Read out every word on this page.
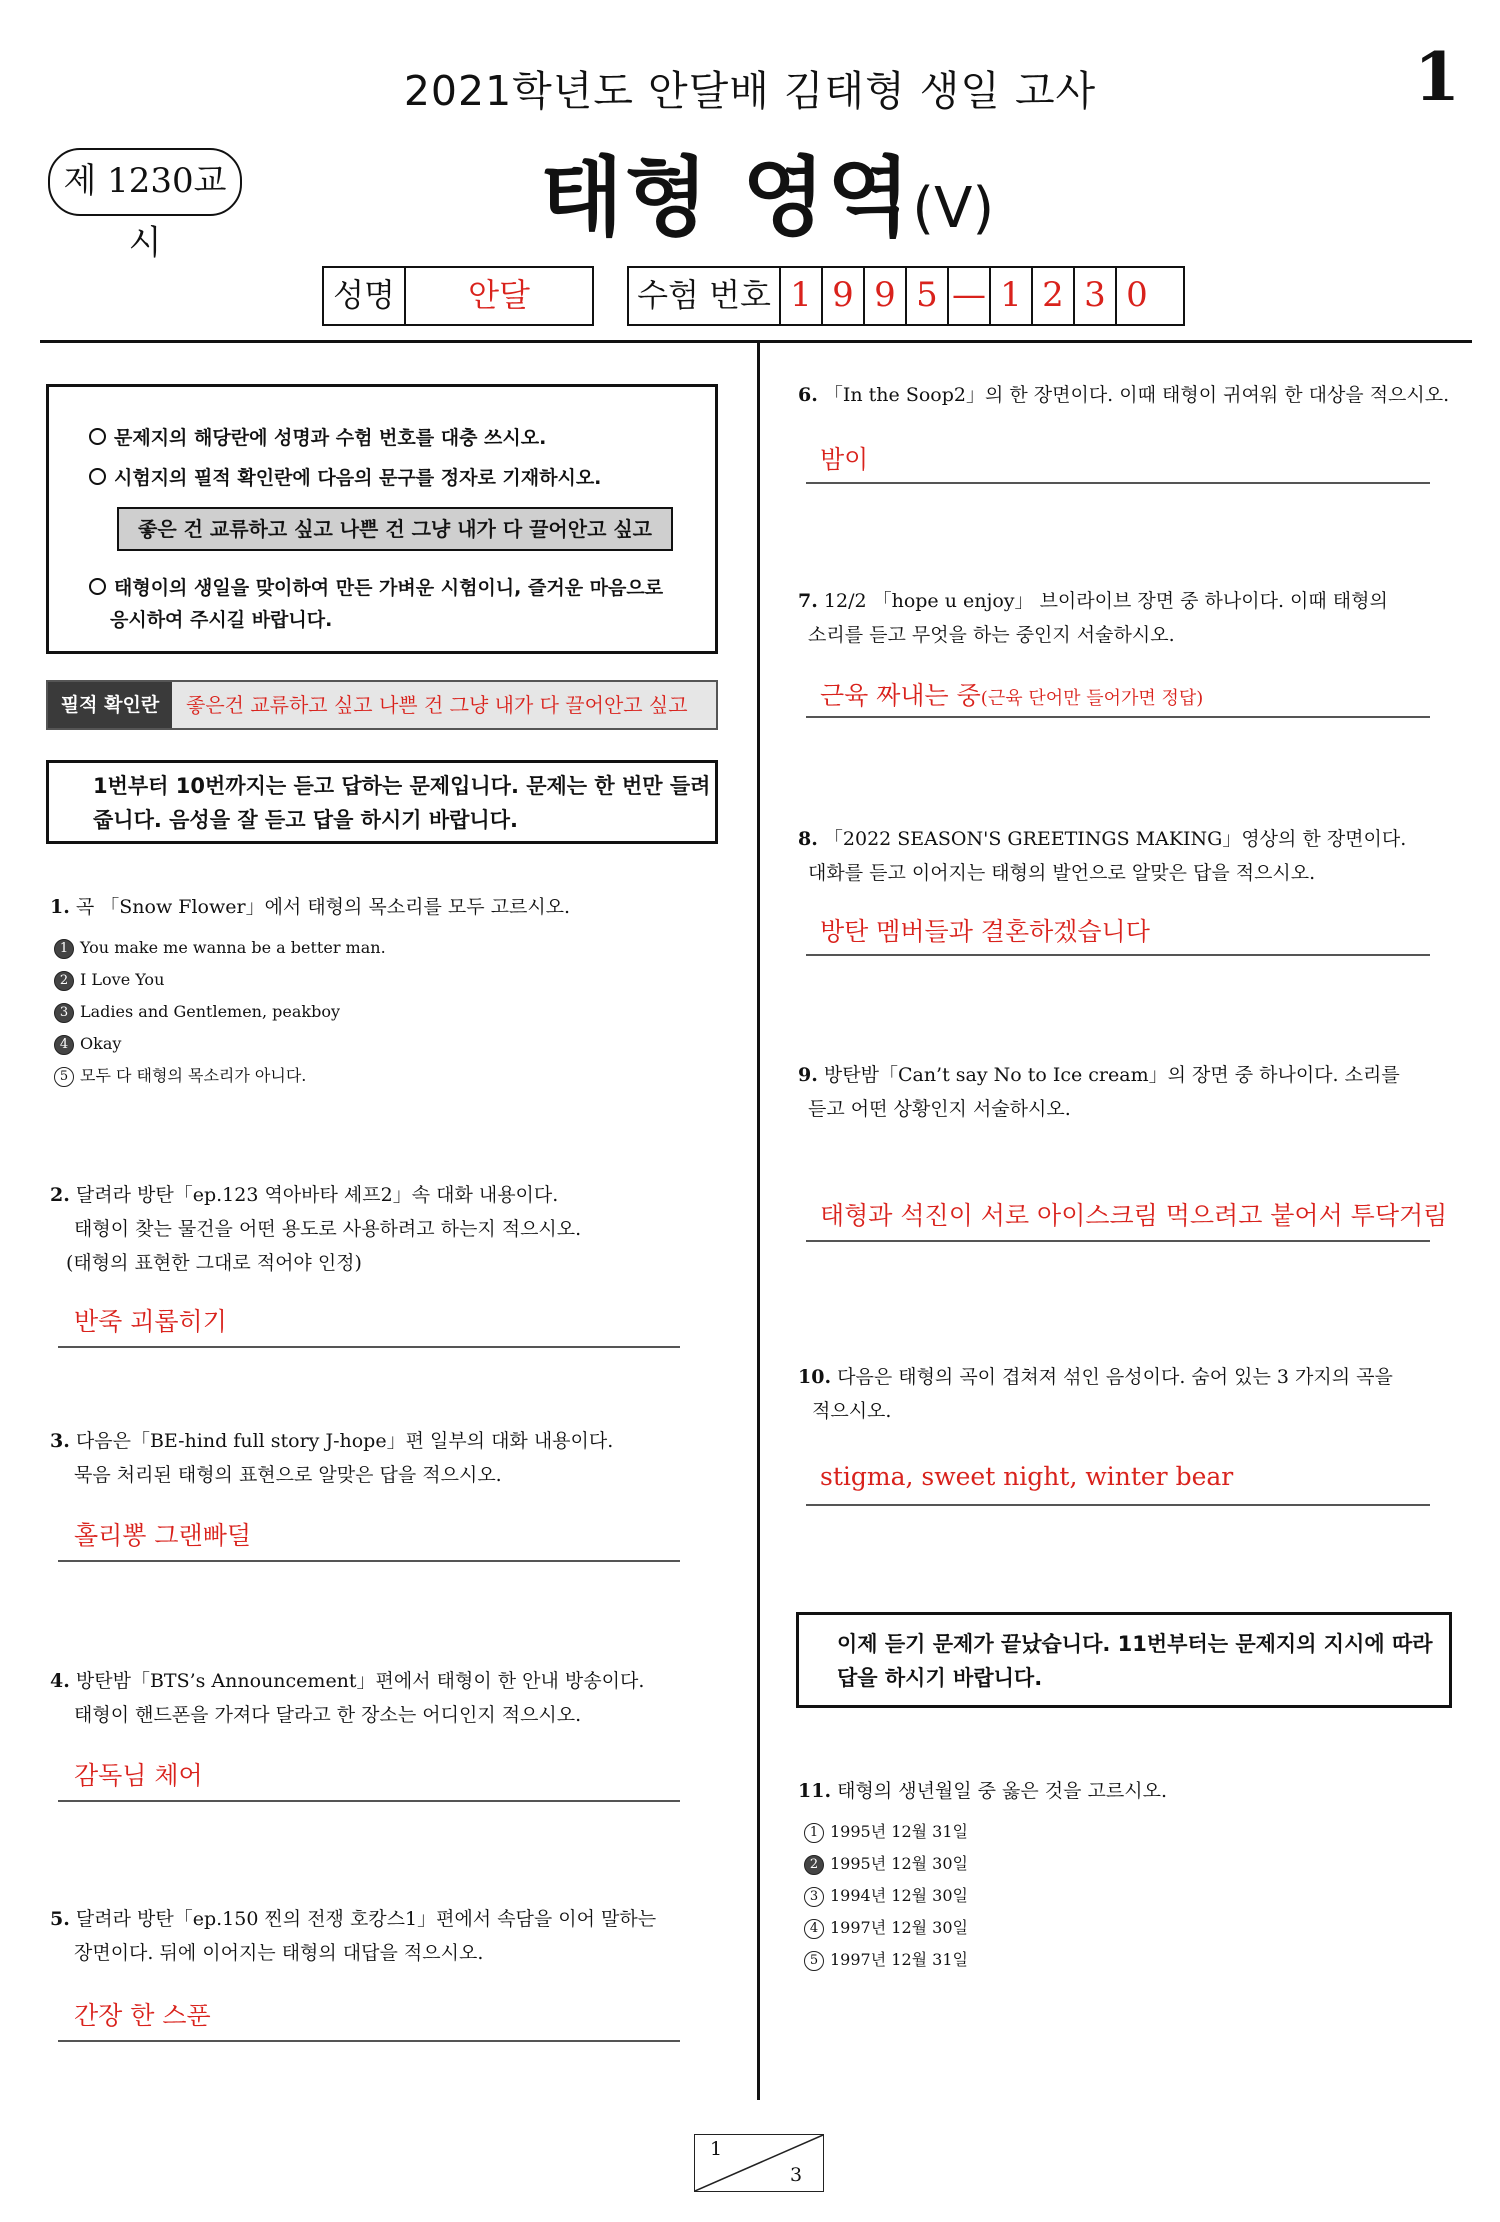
2021학년도 안달배 김태형 생일 고사	1
제 1230교시	태형 영역(V)
성명	안달	수험 번호 1 9 9 5 — 1 2 3 0
문제지의 해당란에 성명과 수험 번호를 대충 쓰시오.
시험지의 필적 확인란에 다음의 문구를 정자로 기재하시오.
좋은 건 교류하고 싶고 나쁜 건 그냥 내가 다 끌어안고 싶고
태형이의 생일을 맞이하여 만든 가벼운 시험이니, 즐거운 마음으로
응시하여 주시길 바랍니다.
필적 확인란	좋은건 교류하고 싶고 나쁜 건 그냥 내가 다 끌어안고 싶고
1번부터 10번까지는 듣고 답하는 문제입니다. 문제는 한 번만 들려
줍니다. 음성을 잘 듣고 답을 하시기 바랍니다.
1. 곡 「Snow Flower」에서 태형의 목소리를 모두 고르시오.
1 You make me wanna be a better man.
2 I Love You
3 Ladies and Gentlemen, peakboy
4 Okay
5 모두 다 태형의 목소리가 아니다.
2. 달려라 방탄「ep.123 역아바타 셰프2」속 대화 내용이다.
태형이 찾는 물건을 어떤 용도로 사용하려고 하는지 적으시오.
(태형의 표현한 그대로 적어야 인정)
반죽 괴롭히기
3. 다음은「BE-hind full story J-hope」편 일부의 대화 내용이다.
묵음 처리된 태형의 표현으로 알맞은 답을 적으시오.
홀리뽕 그랜빠덜
4. 방탄밤「BTS’s Announcement」편에서 태형이 한 안내 방송이다.
태형이 핸드폰을 가져다 달라고 한 장소는 어디인지 적으시오.
감독님 체어
5. 달려라 방탄「ep.150 찐의 전쟁 호캉스1」편에서 속담을 이어 말하는
장면이다. 뒤에 이어지는 태형의 대답을 적으시오.
간장 한 스푼
6. 「In the Soop2」의 한 장면이다. 이때 태형이 귀여워 한 대상을 적으시오.
밤이
7. 12/2 「hope u enjoy」 브이라이브 장면 중 하나이다. 이때 태형의
소리를 듣고 무엇을 하는 중인지 서술하시오.
근육 짜내는 중(근육 단어만 들어가면 정답)
8. 「2022 SEASON'S GREETINGS MAKING」영상의 한 장면이다.
대화를 듣고 이어지는 태형의 발언으로 알맞은 답을 적으시오.
방탄 멤버들과 결혼하겠습니다
9. 방탄밤「Can’t say No to Ice cream」의 장면 중 하나이다. 소리를
듣고 어떤 상황인지 서술하시오.
태형과 석진이 서로 아이스크림 먹으려고 붙어서 투닥거림
10. 다음은 태형의 곡이 겹쳐져 섞인 음성이다. 숨어 있는 3 가지의 곡을
적으시오.
stigma, sweet night, winter bear
이제 듣기 문제가 끝났습니다. 11번부터는 문제지의 지시에 따라
답을 하시기 바랍니다.
11. 태형의 생년월일 중 옳은 것을 고르시오.
1 1995년 12월 31일
2 1995년 12월 30일
3 1994년 12월 30일
4 1997년 12월 30일
5 1997년 12월 31일
1
3
